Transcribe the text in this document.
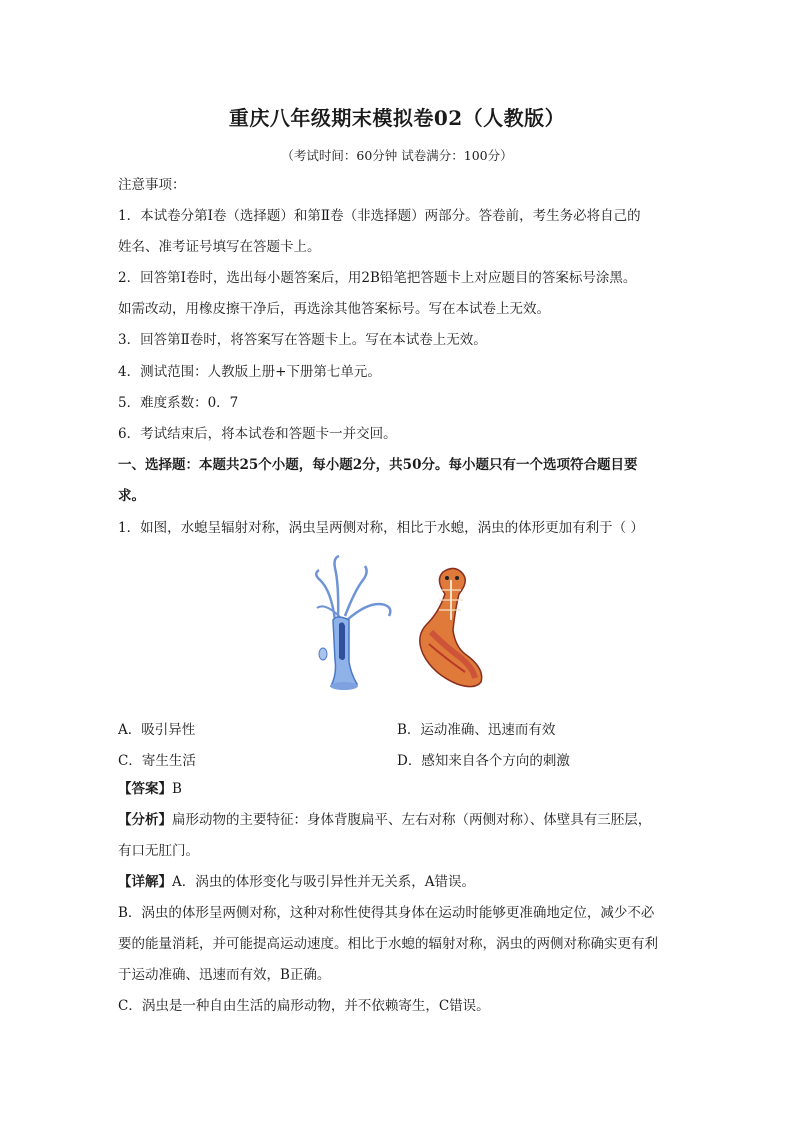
重庆八年级期末模拟卷02（人教版）
（考试时间：60分钟 试卷满分：100分）
注意事项：
1．本试卷分第Ⅰ卷（选择题）和第Ⅱ卷（非选择题）两部分。答卷前，考生务必将自己的
姓名、准考证号填写在答题卡上。
2．回答第Ⅰ卷时，选出每小题答案后，用2B铅笔把答题卡上对应题目的答案标号涂黑。
如需改动，用橡皮擦干净后，再选涂其他答案标号。写在本试卷上无效。
3．回答第Ⅱ卷时，将答案写在答题卡上。写在本试卷上无效。
4．测试范围：人教版上册+下册第七单元。
5．难度系数：0．7
6．考试结束后，将本试卷和答题卡一并交回。
一、选择题：本题共25个小题，每小题2分，共50分。每小题只有一个选项符合题目要
求。
1．如图，水螅呈辐射对称，涡虫呈两侧对称，相比于水螅，涡虫的体形更加有利于（ ）
A．吸引异性	B．运动准确、迅速而有效
C．寄生生活	D．感知来自各个方向的刺激
【答案】B
【分析】扁形动物的主要特征：身体背腹扁平、左右对称（两侧对称）、体壁具有三胚层，
有口无肛门。
【详解】A．涡虫的体形变化与吸引异性并无关系，A错误。
B．涡虫的体形呈两侧对称，这种对称性使得其身体在运动时能够更准确地定位，减少不必
要的能量消耗，并可能提高运动速度。相比于水螅的辐射对称，涡虫的两侧对称确实更有利
于运动准确、迅速而有效，B正确。
C．涡虫是一种自由生活的扁形动物，并不依赖寄生，C错误。
